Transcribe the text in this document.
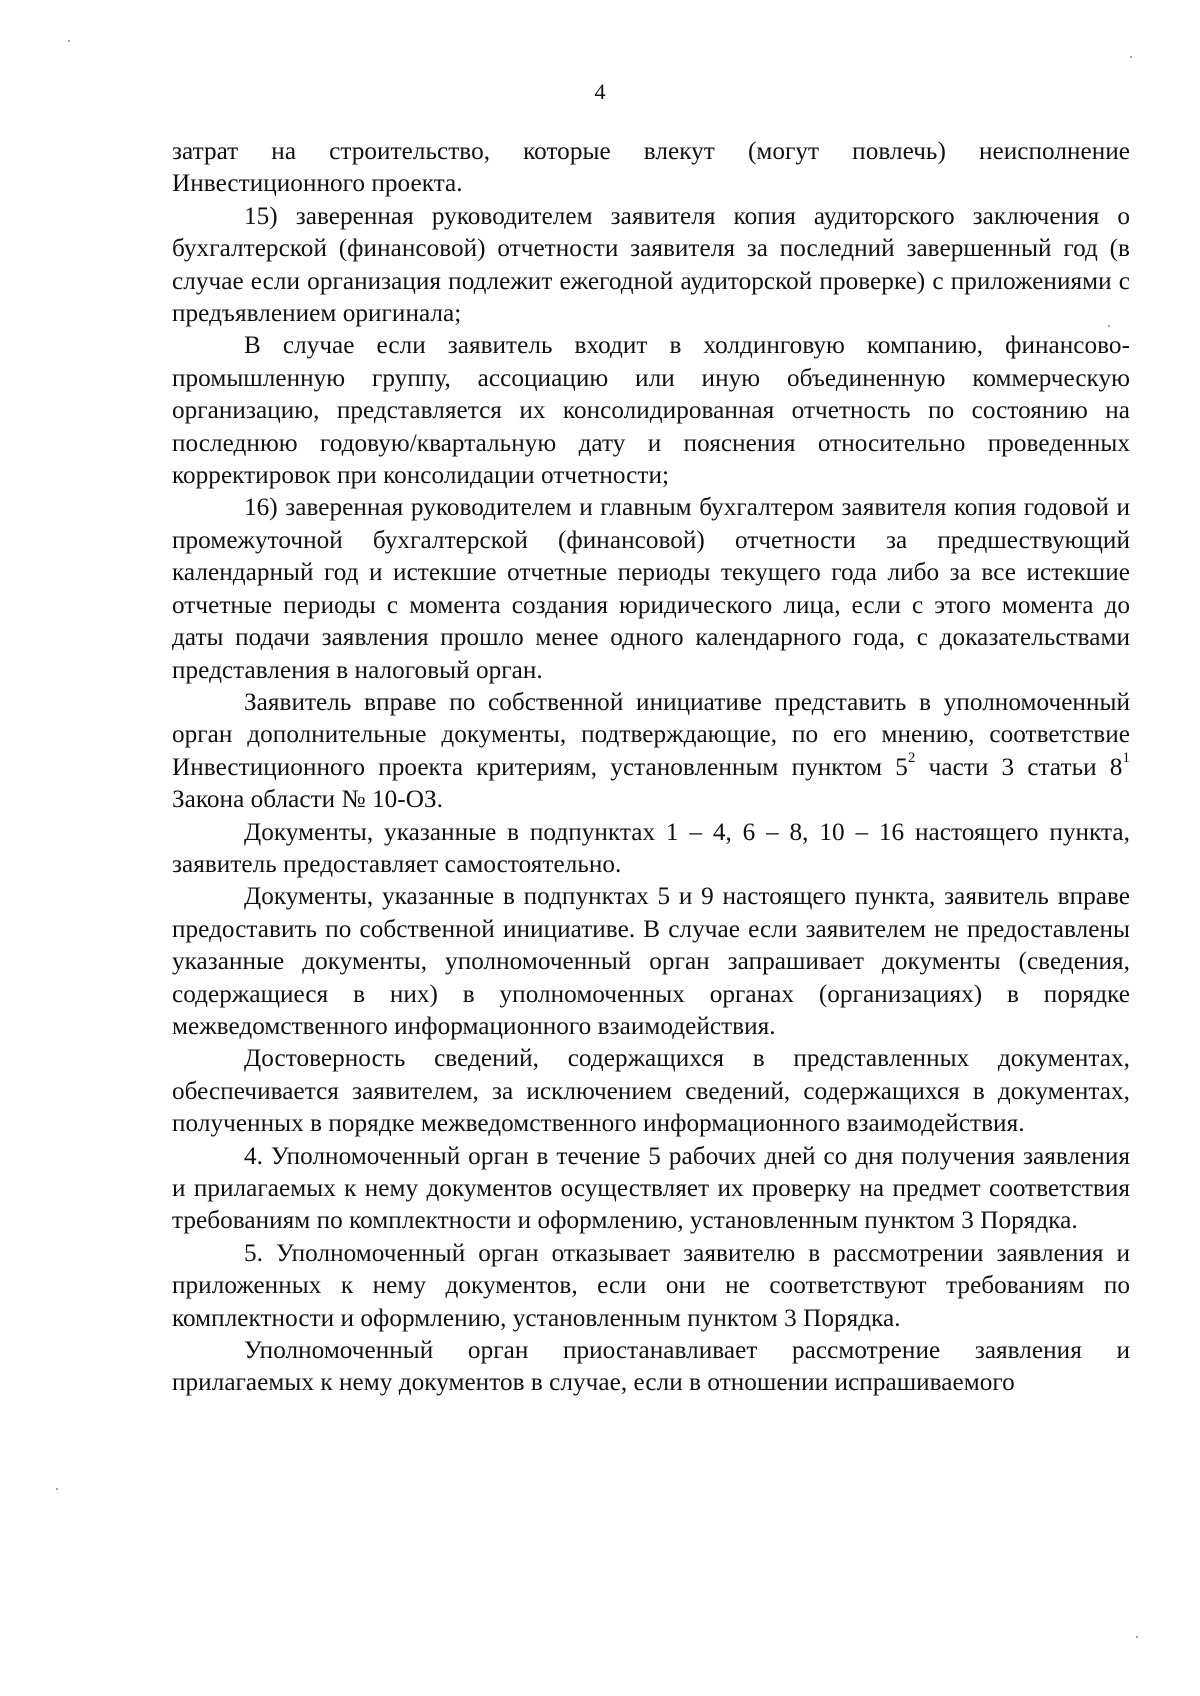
4

затрат на строительство, которые влекут (могут повлечь) неисполнение Инвестиционного проекта.

15) заверенная руководителем заявителя копия аудиторского заключения о бухгалтерской (финансовой) отчетности заявителя за последний завершенный год (в случае если организация подлежит ежегодной аудиторской проверке) с приложениями с предъявлением оригинала;

В случае если заявитель входит в холдинговую компанию, финансово-промышленную группу, ассоциацию или иную объединенную коммерческую организацию, представляется их консолидированная отчетность по состоянию на последнюю годовую/квартальную дату и пояснения относительно проведенных корректировок при консолидации отчетности;

16) заверенная руководителем и главным бухгалтером заявителя копия годовой и промежуточной бухгалтерской (финансовой) отчетности за предшествующий календарный год и истекшие отчетные периоды текущего года либо за все истекшие отчетные периоды с момента создания юридического лица, если с этого момента до даты подачи заявления прошло менее одного календарного года, с доказательствами представления в налоговый орган.

Заявитель вправе по собственной инициативе представить в уполномоченный орган дополнительные документы, подтверждающие, по его мнению, соответствие Инвестиционного проекта критериям, установленным пунктом $5^2$ части 3 статьи $8^1$ Закона области № 10-ОЗ.

Документы, указанные в подпунктах 1 – 4, 6 – 8, 10 – 16 настоящего пункта, заявитель предоставляет самостоятельно.

Документы, указанные в подпунктах 5 и 9 настоящего пункта, заявитель вправе предоставить по собственной инициативе. В случае если заявителем не предоставлены указанные документы, уполномоченный орган запрашивает документы (сведения, содержащиеся в них) в уполномоченных органах (организациях) в порядке межведомственного информационного взаимодействия.

Достоверность сведений, содержащихся в представленных документах, обеспечивается заявителем, за исключением сведений, содержащихся в документах, полученных в порядке межведомственного информационного взаимодействия.

4. Уполномоченный орган в течение 5 рабочих дней со дня получения заявления и прилагаемых к нему документов осуществляет их проверку на предмет соответствия требованиям по комплектности и оформлению, установленным пунктом 3 Порядка.

5. Уполномоченный орган отказывает заявителю в рассмотрении заявления и приложенных к нему документов, если они не соответствуют требованиям по комплектности и оформлению, установленным пунктом 3 Порядка.

Уполномоченный орган приостанавливает рассмотрение заявления и прилагаемых к нему документов в случае, если в отношении испрашиваемого
